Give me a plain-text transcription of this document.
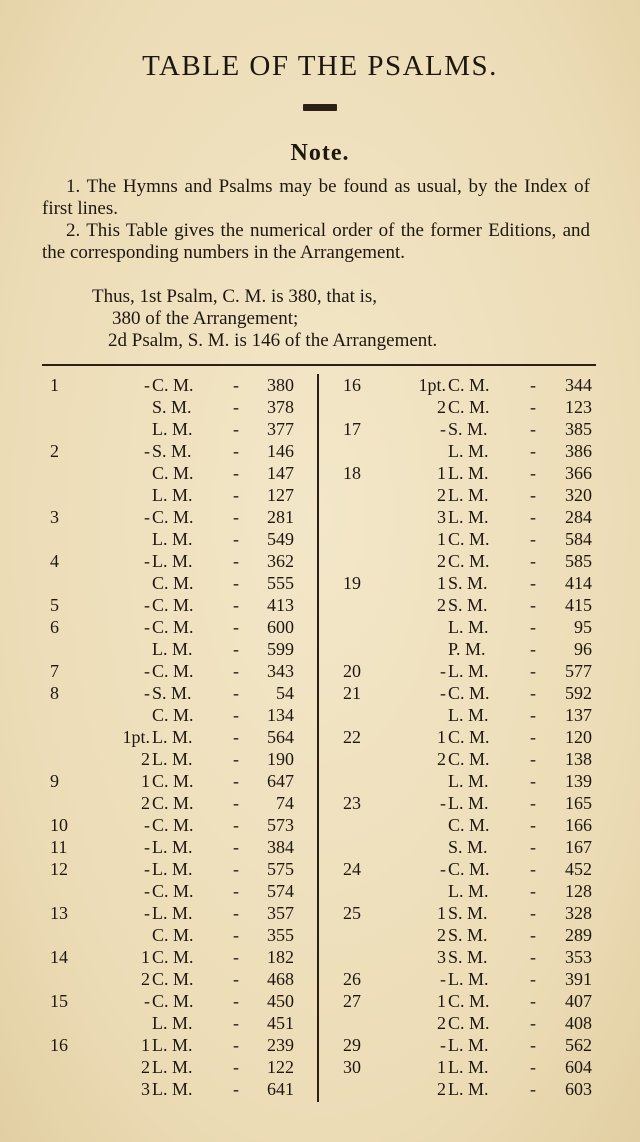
TABLE OF THE PSALMS.
Note.
1. The Hymns and Psalms may be found as usual, by the Index of first lines.
2. This Table gives the numerical order of the former Editions, and the corresponding numbers in the Arrangement.
Thus, 1st Psalm, C. M. is 380, that is,
380 of the Arrangement;
2d Psalm, S. M. is 146 of the Arrangement.
1	- C. M.	-	380	16	1pt. C. M.	-	344
S. M.	-	378	2 C. M.	-	123
L. M.	-	377	17	- S. M.	-	385
2	- S. M.	-	146	L. M.	-	386
C. M.	-	147	18	1 L. M.	-	366
L. M.	-	127	2 L. M.	-	320
3	- C. M.	-	281	3 L. M.	-	284
L. M.	-	549	1 C. M.	-	584
4	- L. M.	-	362	2 C. M.	-	585
C. M.	-	555	19	1 S. M.	-	414
5	- C. M.	-	413	2 S. M.	-	415
6	- C. M.	-	600	L. M.	-	95
L. M.	-	599	P. M.	-	96
7	- C. M.	-	343	20	- L. M.	-	577
8	- S. M.	-	54	21	- C. M.	-	592
C. M.	-	134	L. M.	-	137
1pt. L. M.	-	564	22	1 C. M.	-	120
2 L. M.	-	190	2 C. M.	-	138
9	1 C. M.	-	647	L. M.	-	139
2 C. M.	-	74	23	- L. M.	-	165
10	- C. M.	-	573	C. M.	-	166
11	- L. M.	-	384	S. M.	-	167
12	- L. M.	-	575	24	- C. M.	-	452
- C. M.	-	574	L. M.	-	128
13	- L. M.	-	357	25	1 S. M.	-	328
C. M.	-	355	2 S. M.	-	289
14	1 C. M.	-	182	3 S. M.	-	353
2 C. M.	-	468	26	- L. M.	-	391
15	- C. M.	-	450	27	1 C. M.	-	407
L. M.	-	451	2 C. M.	-	408
16	1 L. M.	-	239	29	- L. M.	-	562
2 L. M.	-	122	30	1 L. M.	-	604
3 L. M.	-	641	2 L. M.	-	603
